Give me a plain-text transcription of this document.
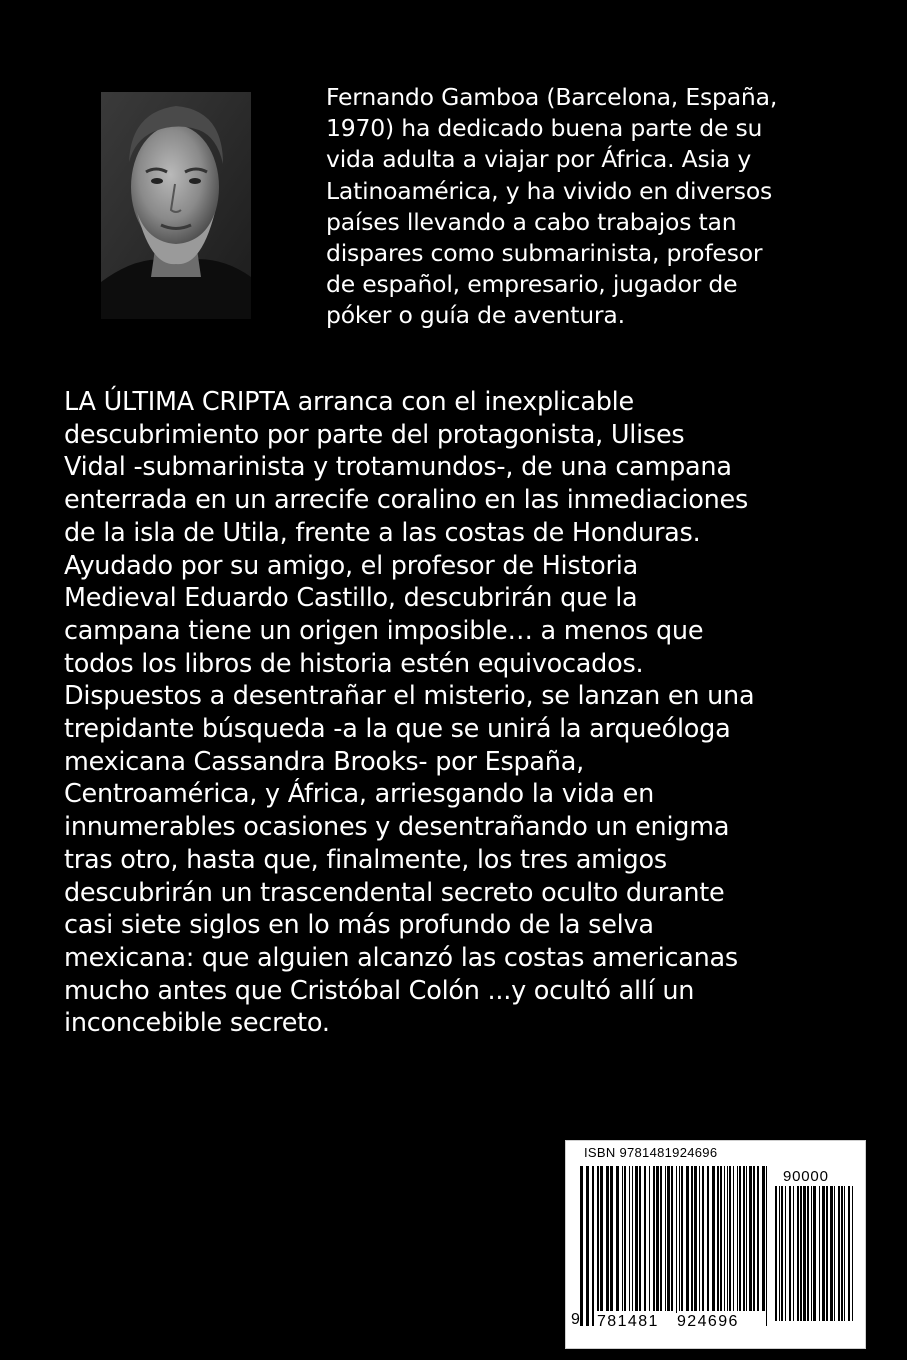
Fernando Gamboa (Barcelona, España,
1970) ha dedicado buena parte de su
vida adulta a viajar por África. Asia y
Latinoamérica, y ha vivido en diversos
países llevando a cabo trabajos tan
dispares como submarinista, profesor
de español, empresario, jugador de
póker o guía de aventura.
LA ÚLTIMA CRIPTA arranca con el inexplicable
descubrimiento por parte del protagonista, Ulises
Vidal -submarinista y trotamundos-, de una campana
enterrada en un arrecife coralino en las inmediaciones
de la isla de Utila, frente a las costas de Honduras.
Ayudado por su amigo, el profesor de Historia
Medieval Eduardo Castillo, descubrirán que la
campana tiene un origen imposible… a menos que
todos los libros de historia estén equivocados.
Dispuestos a desentrañar el misterio, se lanzan en una
trepidante búsqueda -a la que se unirá la arqueóloga
mexicana Cassandra Brooks- por España,
Centroamérica, y África, arriesgando la vida en
innumerables ocasiones y desentrañando un enigma
tras otro, hasta que, finalmente, los tres amigos
descubrirán un trascendental secreto oculto durante
casi siete siglos en lo más profundo de la selva
mexicana: que alguien alcanzó las costas americanas
mucho antes que Cristóbal Colón ...y ocultó allí un
inconcebible secreto.
ISBN 9781481924696
90000
9 781481 924696
